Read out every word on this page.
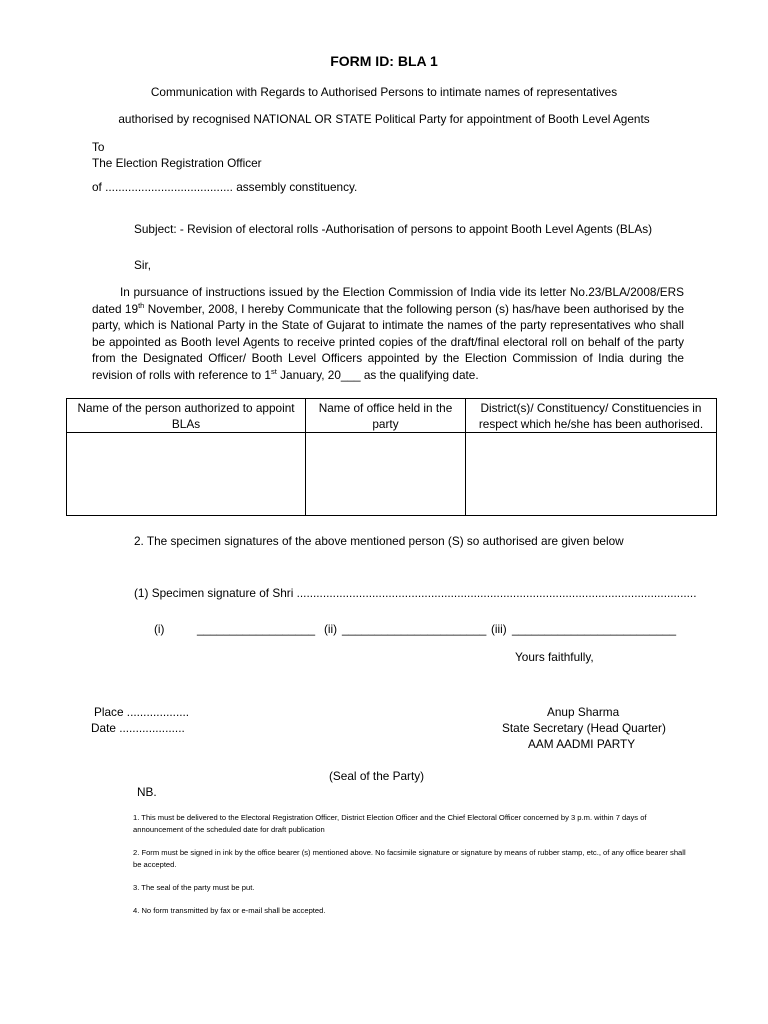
FORM ID: BLA 1
Communication with Regards to Authorised Persons to intimate names of representatives
authorised by recognised NATIONAL OR STATE Political Party for appointment of Booth Level Agents
To
The Election Registration Officer
of ....................................... assembly constituency.
Subject: - Revision of electoral rolls -Authorisation of persons to appoint Booth Level Agents (BLAs)
Sir,
In pursuance of instructions issued by the Election Commission of India vide its letter No.23/BLA/2008/ERS dated 19th November, 2008, I hereby Communicate that the following person (s) has/have been authorised by the party, which is National Party in the State of Gujarat to intimate the names of the party representatives who shall be appointed as Booth level Agents to receive printed copies of the draft/final electoral roll on behalf of the party from the Designated Officer/ Booth Level Officers appointed by the Election Commission of India during the revision of rolls with reference to 1st January, 20___ as the qualifying date.
Name of the person authorized to appoint BLAs	Name of office held in the party	District(s)/ Constituency/ Constituencies in respect which he/she has been authorised.

2. The specimen signatures of the above mentioned person (S) so authorised are given below
(1) Specimen signature of Shri ..........................................................................................................................
(i)	__________________ (ii) ______________________ (iii) _________________________
Yours faithfully,
Place ...................
Date ....................
Anup Sharma
State Secretary (Head Quarter)
AAM AADMI PARTY
(Seal of the Party)
NB.
1. This must be delivered to the Electoral Registration Officer, District Election Officer and the Chief Electoral Officer concerned by 3 p.m. within 7 days of announcement of the scheduled date for draft publication
2. Form must be signed in ink by the office bearer (s) mentioned above. No facsimile signature or signature by means of rubber stamp, etc., of any office bearer shall be accepted.
3. The seal of the party must be put.
4. No form transmitted by fax or e-mail shall be accepted.
